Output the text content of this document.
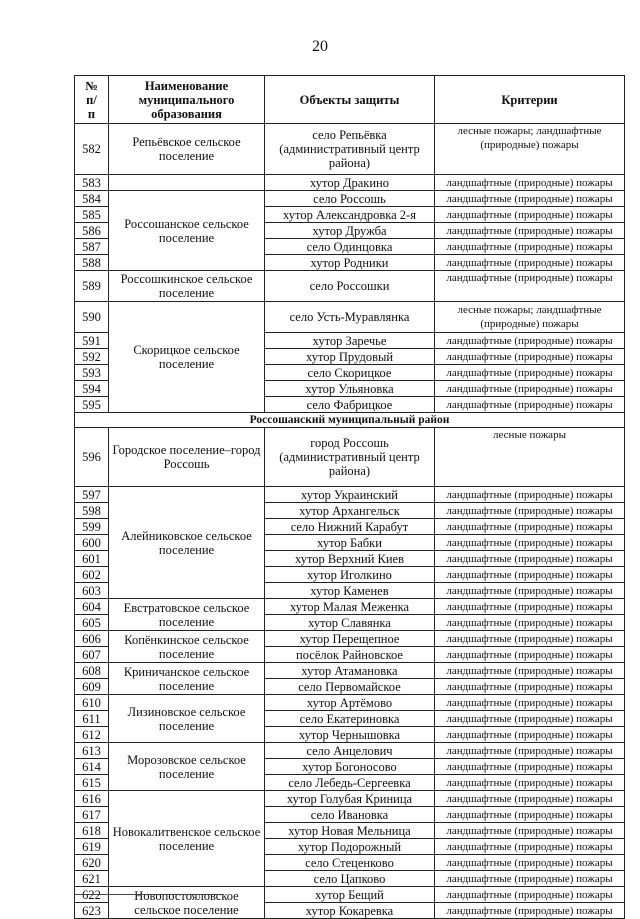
20
№
п/
п	Наименование муниципального образования	Объекты защиты	Критерии
582	Репьёвское сельское поселение	село Репьёвка (административный центр района)	лесные пожары; ландшафтные (природные) пожары
583		хутор Дракино	ландшафтные (природные) пожары
584	Россошанское сельское поселение	село Россошь	ландшафтные (природные) пожары
585		хутор Александровка 2-я	ландшафтные (природные) пожары
586		хутор Дружба	ландшафтные (природные) пожары
587		село Одинцовка	ландшафтные (природные) пожары
588		хутор Родники	ландшафтные (природные) пожары
589	Россошкинское сельское поселение	село Россошки	ландшафтные (природные) пожары
590	Скорицкое сельское поселение	село Усть-Муравлянка	лесные пожары; ландшафтные (природные) пожары
591		хутор Заречье	ландшафтные (природные) пожары
592		хутор Прудовый	ландшафтные (природные) пожары
593		село Скорицкое	ландшафтные (природные) пожары
594		хутор Ульяновка	ландшафтные (природные) пожары
595		село Фабрицкое	ландшафтные (природные) пожары
Россошанский муниципальный район			
596	Городское поселение–город Россошь	город Россошь (административный центр района)	лесные пожары
597	Алейниковское сельское поселение	хутор Украинский	ландшафтные (природные) пожары
598		хутор Архангельск	ландшафтные (природные) пожары
599		село Нижний Карабут	ландшафтные (природные) пожары
600		хутор Бабки	ландшафтные (природные) пожары
601		хутор Верхний Киев	ландшафтные (природные) пожары
602		хутор Иголкино	ландшафтные (природные) пожары
603		хутор Каменев	ландшафтные (природные) пожары
604	Евстратовское сельское поселение	хутор Малая Меженка	ландшафтные (природные) пожары
605		хутор Славянка	ландшафтные (природные) пожары
606	Копёнкинское сельское поселение	хутор Перещепное	ландшафтные (природные) пожары
607		посёлок Райновское	ландшафтные (природные) пожары
608	Криничанское сельское поселение	хутор Атамановка	ландшафтные (природные) пожары
609		село Первомайское	ландшафтные (природные) пожары
610	Лизиновское сельское поселение	хутор Артёмово	ландшафтные (природные) пожары
611		село Екатериновка	ландшафтные (природные) пожары
612		хутор Чернышовка	ландшафтные (природные) пожары
613	Морозовское сельское поселение	село Анцелович	ландшафтные (природные) пожары
614		хутор Богоносово	ландшафтные (природные) пожары
615		село Лебедь-Сергеевка	ландшафтные (природные) пожары
616	Новокалитвенское сельское поселение	хутор Голубая Криница	ландшафтные (природные) пожары
617		село Ивановка	ландшафтные (природные) пожары
618		хутор Новая Мельница	ландшафтные (природные) пожары
619		хутор Подорожный	ландшафтные (природные) пожары
620		село Стеценково	ландшафтные (природные) пожары
621		село Цапково	ландшафтные (природные) пожары
622	Новопостояловское сельское поселение	хутор Бещий	ландшафтные (природные) пожары
623		хутор Кокаревка	ландшафтные (природные) пожары
